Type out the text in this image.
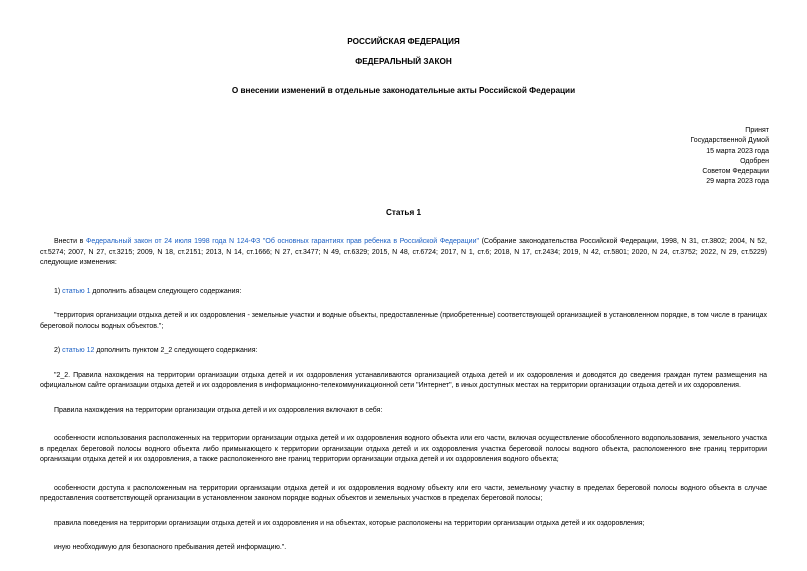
РОССИЙСКАЯ ФЕДЕРАЦИЯ
ФЕДЕРАЛЬНЫЙ ЗАКОН
О внесении изменений в отдельные законодательные акты Российской Федерации
Принят
Государственной Думой
15 марта 2023 года
Одобрен
Советом Федерации
29 марта 2023 года
Статья 1

Внести в Федеральный закон от 24 июля 1998 года N 124-ФЗ "Об основных гарантиях прав ребенка в Российской Федерации" (Собрание законодательства Российской Федерации, 1998, N 31, ст.3802; 2004, N 52, ст.5274; 2007, N 27, ст.3215; 2009, N 18, ст.2151; 2013, N 14, ст.1666; N 27, ст.3477; N 49, ст.6329; 2015, N 48, ст.6724; 2017, N 1, ст.6; 2018, N 17, ст.2434; 2019, N 42, ст.5801; 2020, N 24, ст.3752; 2022, N 29, ст.5229) следующие изменения:

1) статью 1 дополнить абзацем следующего содержания:

"территория организации отдыха детей и их оздоровления - земельные участки и водные объекты, предоставленные (приобретенные) соответствующей организацией в установленном порядке, в том числе в границах береговой полосы водных объектов.";

2) статью 12 дополнить пунктом 2_2 следующего содержания:

"2_2. Правила нахождения на территории организации отдыха детей и их оздоровления устанавливаются организацией отдыха детей и их оздоровления и доводятся до сведения граждан путем размещения на официальном сайте организации отдыха детей и их оздоровления в информационно-телекоммуникационной сети "Интернет", в иных доступных местах на территории организации отдыха детей и их оздоровления.

Правила нахождения на территории организации отдыха детей и их оздоровления включают в себя:

особенности использования расположенных на территории организации отдыха детей и их оздоровления водного объекта или его части, включая осуществление обособленного водопользования, земельного участка в пределах береговой полосы водного объекта либо примыкающего к территории организации отдыха детей и их оздоровления участка береговой полосы водного объекта, расположенного вне границ территории организации отдыха детей и их оздоровления, а также расположенного вне границ территории организации отдыха детей и их оздоровления водного объекта;

особенности доступа к расположенным на территории организации отдыха детей и их оздоровления водному объекту или его части, земельному участку в пределах береговой полосы водного объекта в случае предоставления соответствующей организации в установленном законом порядке водных объектов и земельных участков в пределах береговой полосы;

правила поведения на территории организации отдыха детей и их оздоровления и на объектах, которые расположены на территории организации отдыха детей и их оздоровления;

иную необходимую для безопасного пребывания детей информацию.".
